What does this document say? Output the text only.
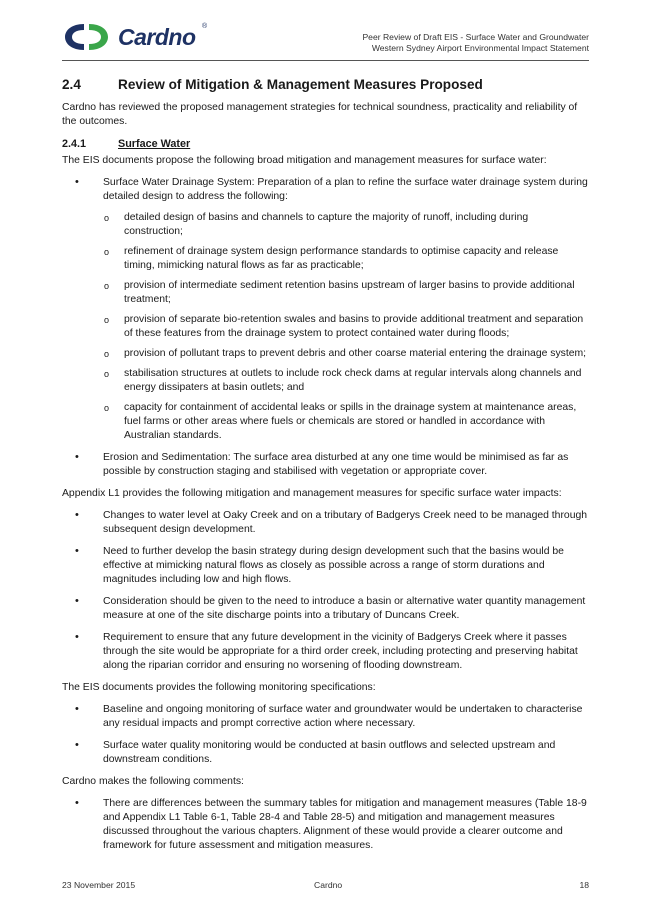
Cardno ®
Peer Review of Draft EIS - Surface Water and Groundwater
Western Sydney Airport Environmental Impact Statement
2.4	Review of Mitigation & Management Measures Proposed

Cardno has reviewed the proposed management strategies for technical soundness, practicality and reliability of the outcomes.

2.4.1	Surface Water

The EIS documents propose the following broad mitigation and management measures for surface water:

• Surface Water Drainage System: Preparation of a plan to refine the surface water drainage system during detailed design to address the following:
o detailed design of basins and channels to capture the majority of runoff, including during construction;
o refinement of drainage system design performance standards to optimise capacity and release timing, mimicking natural flows as far as practicable;
o provision of intermediate sediment retention basins upstream of larger basins to provide additional treatment;
o provision of separate bio-retention swales and basins to provide additional treatment and separation of these features from the drainage system to protect contained water during floods;
o provision of pollutant traps to prevent debris and other coarse material entering the drainage system;
o stabilisation structures at outlets to include rock check dams at regular intervals along channels and energy dissipaters at basin outlets; and
o capacity for containment of accidental leaks or spills in the drainage system at maintenance areas, fuel farms or other areas where fuels or chemicals are stored or handled in accordance with Australian standards.
• Erosion and Sedimentation: The surface area disturbed at any one time would be minimised as far as possible by construction staging and stabilised with vegetation or appropriate cover.

Appendix L1 provides the following mitigation and management measures for specific surface water impacts:

• Changes to water level at Oaky Creek and on a tributary of Badgerys Creek need to be managed through subsequent design development.
• Need to further develop the basin strategy during design development such that the basins would be effective at mimicking natural flows as closely as possible across a range of storm durations and magnitudes including low and high flows.
• Consideration should be given to the need to introduce a basin or alternative water quantity management measure at one of the site discharge points into a tributary of Duncans Creek.
• Requirement to ensure that any future development in the vicinity of Badgerys Creek where it passes through the site would be appropriate for a third order creek, including protecting and preserving habitat along the riparian corridor and ensuring no worsening of flooding downstream.

The EIS documents provides the following monitoring specifications:

• Baseline and ongoing monitoring of surface water and groundwater would be undertaken to characterise any residual impacts and prompt corrective action where necessary.
• Surface water quality monitoring would be conducted at basin outflows and selected upstream and downstream conditions.

Cardno makes the following comments:

• There are differences between the summary tables for mitigation and management measures (Table 18-9 and Appendix L1 Table 6-1, Table 28-4 and Table 28-5) and mitigation and management measures discussed throughout the various chapters. Alignment of these would provide a clearer outcome and framework for future assessment and mitigation measures.
23 November 2015	Cardno	18
